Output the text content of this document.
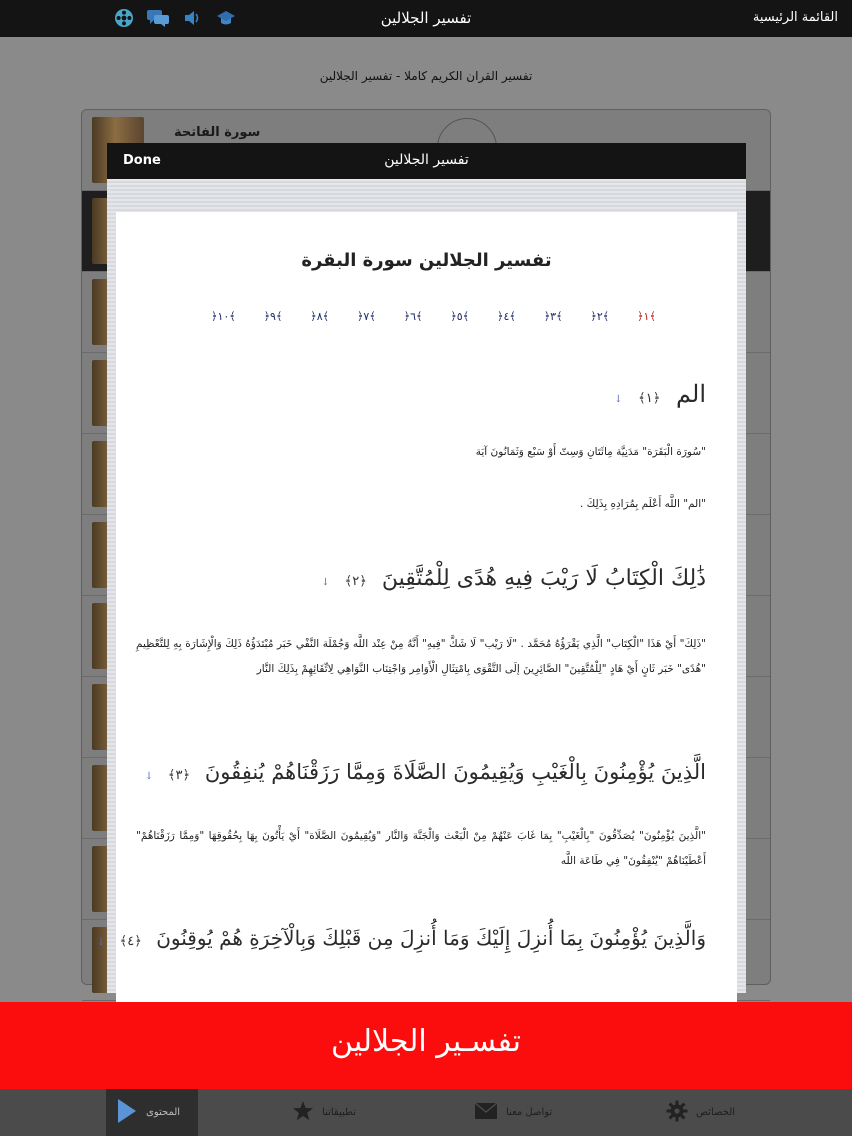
تفسير الجلالين	القائمة الرئيسية
تفسير القران الكريم كاملا - تفسير الجلالين
سورة الفاتحة
Done	تفسير الجلالين
تفسير الجلالين سورة البقرة
﴿١﴾
﴿٢﴾
﴿٣﴾
﴿٤﴾
﴿٥﴾
﴿٦﴾
﴿٧﴾
﴿٨﴾
﴿٩﴾
﴿١٠﴾
الم ﴿١﴾ ↓
"سُورَة الْبَقَرَة" مَدَنِيَّة مِائَتَانِ وَسِتّ أَوْ سَبْع وَثَمَانُونَ آيَة
"الم" اللَّه أَعْلَم بِمُرَادِهِ بِذَلِكَ .
ذَٰلِكَ الْكِتَابُ لَا رَيْبَ فِيهِ هُدًى لِلْمُتَّقِينَ ﴿٢﴾ ↓
"ذَلِكَ" أَيْ هَذَا "الْكِتَاب" الَّذِي يَقْرَؤُهُ مُحَمَّد . "لَا رَيْب" لَا شَكَّ "فِيهِ" أَنَّهُ مِنْ عِنْد اللَّه وَجُمْلَة النَّفْي خَبَر مُبْتَدَؤُهُ ذَلِكَ وَالْإِشَارَة بِهِ لِلتَّعْظِيمِ "هُدًى" خَبَر ثَانٍ أَيْ هَادٍ "لِلْمُتَّقِينَ" الصَّائِرِينَ إلَى التَّقْوَى بِامْتِثَالِ الْأَوَامِر وَاجْتِنَاب النَّوَاهِي لِاتِّقَائِهِمْ بِذَلِكَ النَّار
الَّذِينَ يُؤْمِنُونَ بِالْغَيْبِ وَيُقِيمُونَ الصَّلَاةَ وَمِمَّا رَزَقْنَاهُمْ يُنفِقُونَ ﴿٣﴾ ↓
"الَّذِينَ يُؤْمِنُونَ" يُصَدِّقُونَ "بِالْغَيْبِ" بِمَا غَابَ عَنْهُمْ مِنْ الْبَعْث وَالْجَنَّة وَالنَّار "وَيُقِيمُونَ الصَّلَاة" أَيْ يَأْتُونَ بِهَا بِحُقُوقِهَا "وَمِمَّا رَزَقْنَاهُمْ" أَعْطَيْنَاهُمْ "يُنْفِقُونَ" فِي طَاعَة اللَّه
وَالَّذِينَ يُؤْمِنُونَ بِمَا أُنزِلَ إِلَيْكَ وَمَا أُنزِلَ مِن قَبْلِكَ وَبِالْآخِرَةِ هُمْ يُوقِنُونَ ﴿٤﴾ ↓
تفسـير الجلالين
المحتوى	تطبيقاتنا	تواصل معنا	الخصائص
